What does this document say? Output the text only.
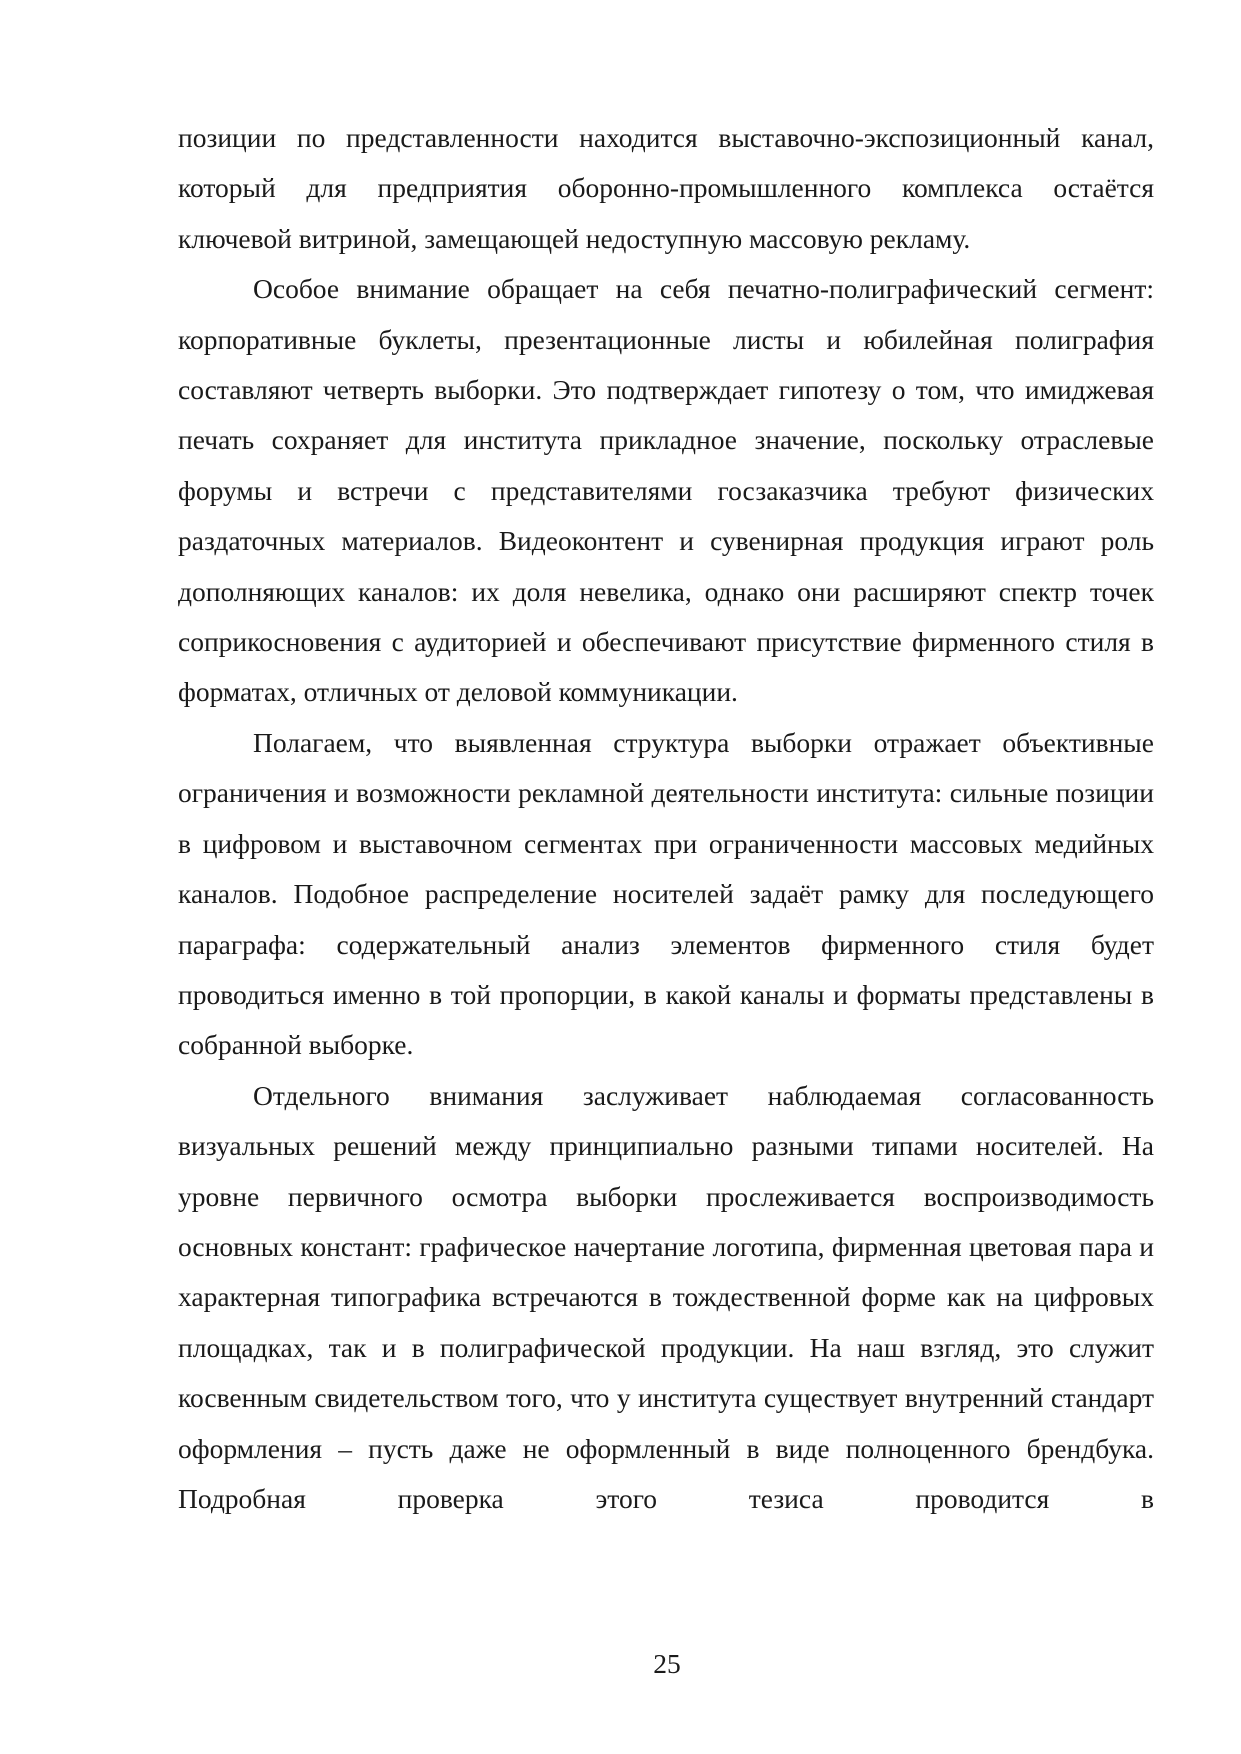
позиции по представленности находится выставочно-экспозиционный канал, который для предприятия оборонно-промышленного комплекса остаётся ключевой витриной, замещающей недоступную массовую рекламу.

Особое внимание обращает на себя печатно-полиграфический сегмент: корпоративные буклеты, презентационные листы и юбилейная полиграфия составляют четверть выборки. Это подтверждает гипотезу о том, что имиджевая печать сохраняет для института прикладное значение, поскольку отраслевые форумы и встречи с представителями госзаказчика требуют физических раздаточных материалов. Видеоконтент и сувенирная продукция играют роль дополняющих каналов: их доля невелика, однако они расширяют спектр точек соприкосновения с аудиторией и обеспечивают присутствие фирменного стиля в форматах, отличных от деловой коммуникации.

Полагаем, что выявленная структура выборки отражает объективные ограничения и возможности рекламной деятельности института: сильные позиции в цифровом и выставочном сегментах при ограниченности массовых медийных каналов. Подобное распределение носителей задаёт рамку для последующего параграфа: содержательный анализ элементов фирменного стиля будет проводиться именно в той пропорции, в какой каналы и форматы представлены в собранной выборке.

Отдельного внимания заслуживает наблюдаемая согласованность визуальных решений между принципиально разными типами носителей. На уровне первичного осмотра выборки прослеживается воспроизводимость основных констант: графическое начертание логотипа, фирменная цветовая пара и характерная типографика встречаются в тождественной форме как на цифровых площадках, так и в полиграфической продукции. На наш взгляд, это служит косвенным свидетельством того, что у института существует внутренний стандарт оформления – пусть даже не оформленный в виде полноценного брендбука. Подробная проверка этого тезиса проводится в

25
